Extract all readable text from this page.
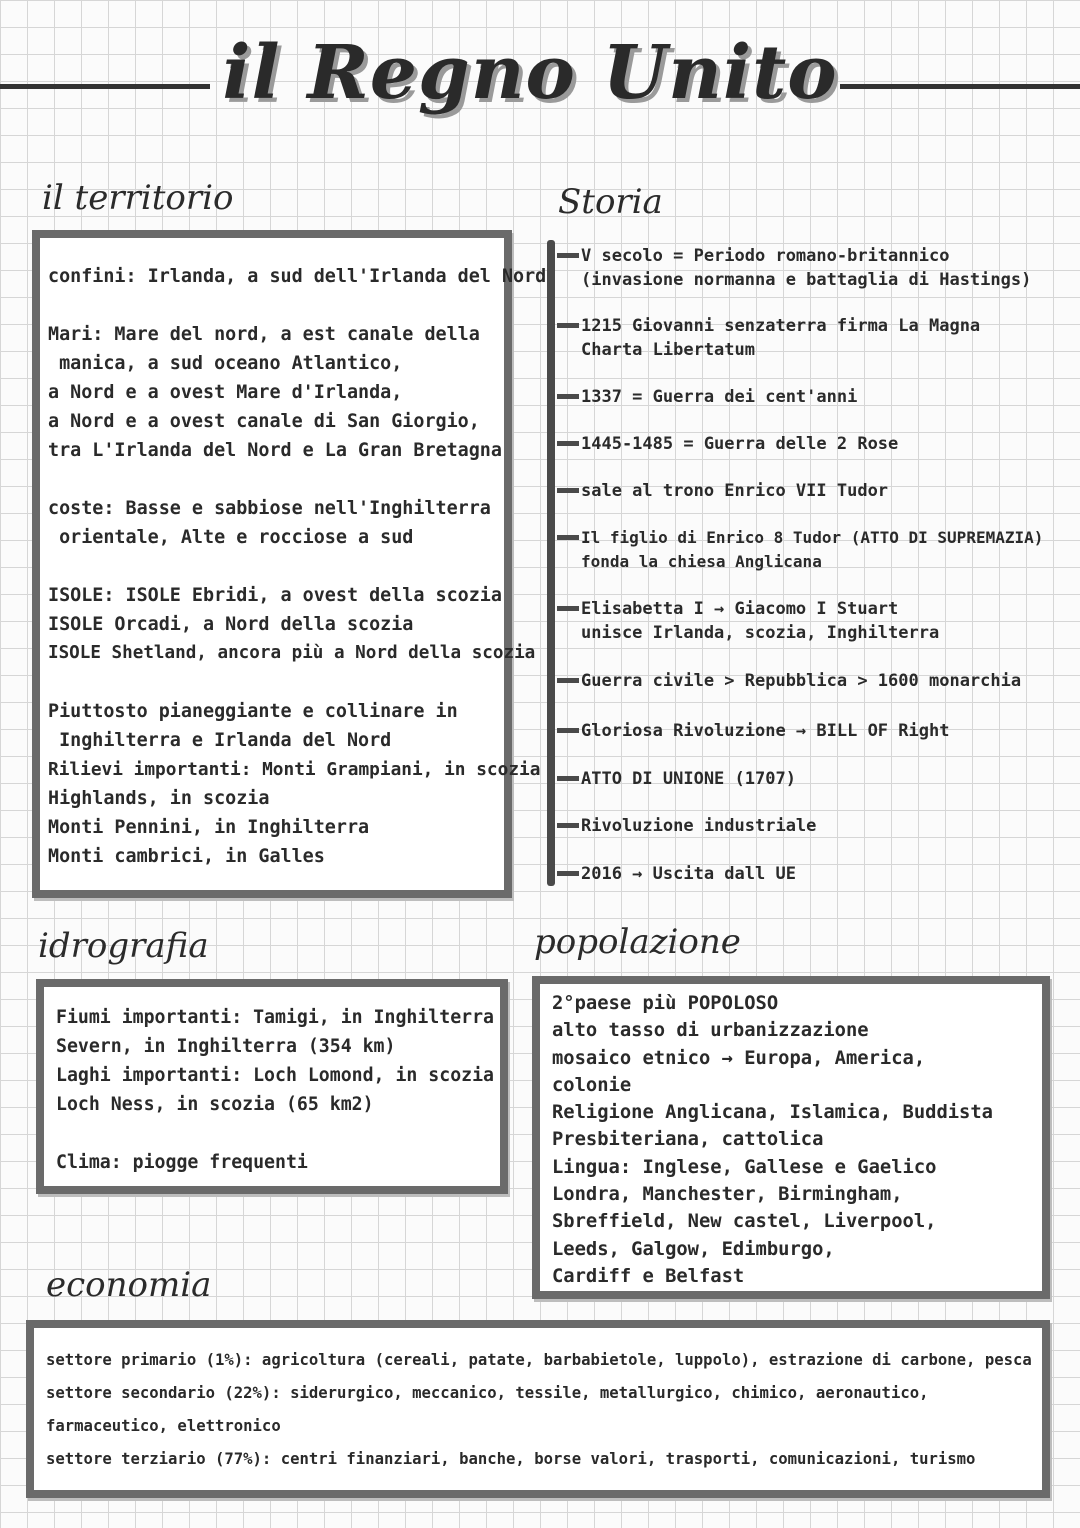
il Regno Unito
il territorio
confini: Irlanda, a sud dell'Irlanda del Nord
Mari: Mare del nord, a est canale della
manica, a sud oceano Atlantico,
a Nord e a ovest Mare d'Irlanda,
a Nord e a ovest canale di San Giorgio,
tra L'Irlanda del Nord e La Gran Bretagna
coste: Basse e sabbiose nell'Inghilterra
orientale, Alte e rocciose a sud
ISOLE: ISOLE Ebridi, a ovest della scozia
ISOLE Orcadi, a Nord della scozia
ISOLE Shetland, ancora più a Nord della scozia
Piuttosto pianeggiante e collinare in
Inghilterra e Irlanda del Nord
Rilievi importanti: Monti Grampiani, in scozia
Highlands, in scozia
Monti Pennini, in Inghilterra
Monti cambrici, in Galles
Storia
V secolo = Periodo romano-britannico
(invasione normanna e battaglia di Hastings)
1215 Giovanni senzaterra firma La Magna
Charta Libertatum
1337 = Guerra dei cent'anni
1445-1485 = Guerra delle 2 Rose
sale al trono Enrico VII Tudor
Il figlio di Enrico 8 Tudor (ATTO DI SUPREMAZIA)
fonda la chiesa Anglicana
Elisabetta I → Giacomo I Stuart
unisce Irlanda, scozia, Inghilterra
Guerra civile > Repubblica > 1600 monarchia
Gloriosa Rivoluzione → BILL OF Right
ATTO DI UNIONE (1707)
Rivoluzione industriale
2016 → Uscita dall UE
idrografia
Fiumi importanti: Tamigi, in Inghilterra
Severn, in Inghilterra (354 km)
Laghi importanti: Loch Lomond, in scozia
Loch Ness, in scozia (65 km2)
Clima: piogge frequenti
popolazione
2°paese più POPOLOSO
alto tasso di urbanizzazione
mosaico etnico → Europa, America,
colonie
Religione Anglicana, Islamica, Buddista
Presbiteriana, cattolica
Lingua: Inglese, Gallese e Gaelico
Londra, Manchester, Birmingham,
Sbreffield, New castel, Liverpool,
Leeds, Galgow, Edimburgo,
Cardiff e Belfast
economia
settore primario (1%): agricoltura (cereali, patate, barbabietole, luppolo), estrazione di carbone, pesca
settore secondario (22%): siderurgico, meccanico, tessile, metallurgico, chimico, aeronautico,
farmaceutico, elettronico
settore terziario (77%): centri finanziari, banche, borse valori, trasporti, comunicazioni, turismo
